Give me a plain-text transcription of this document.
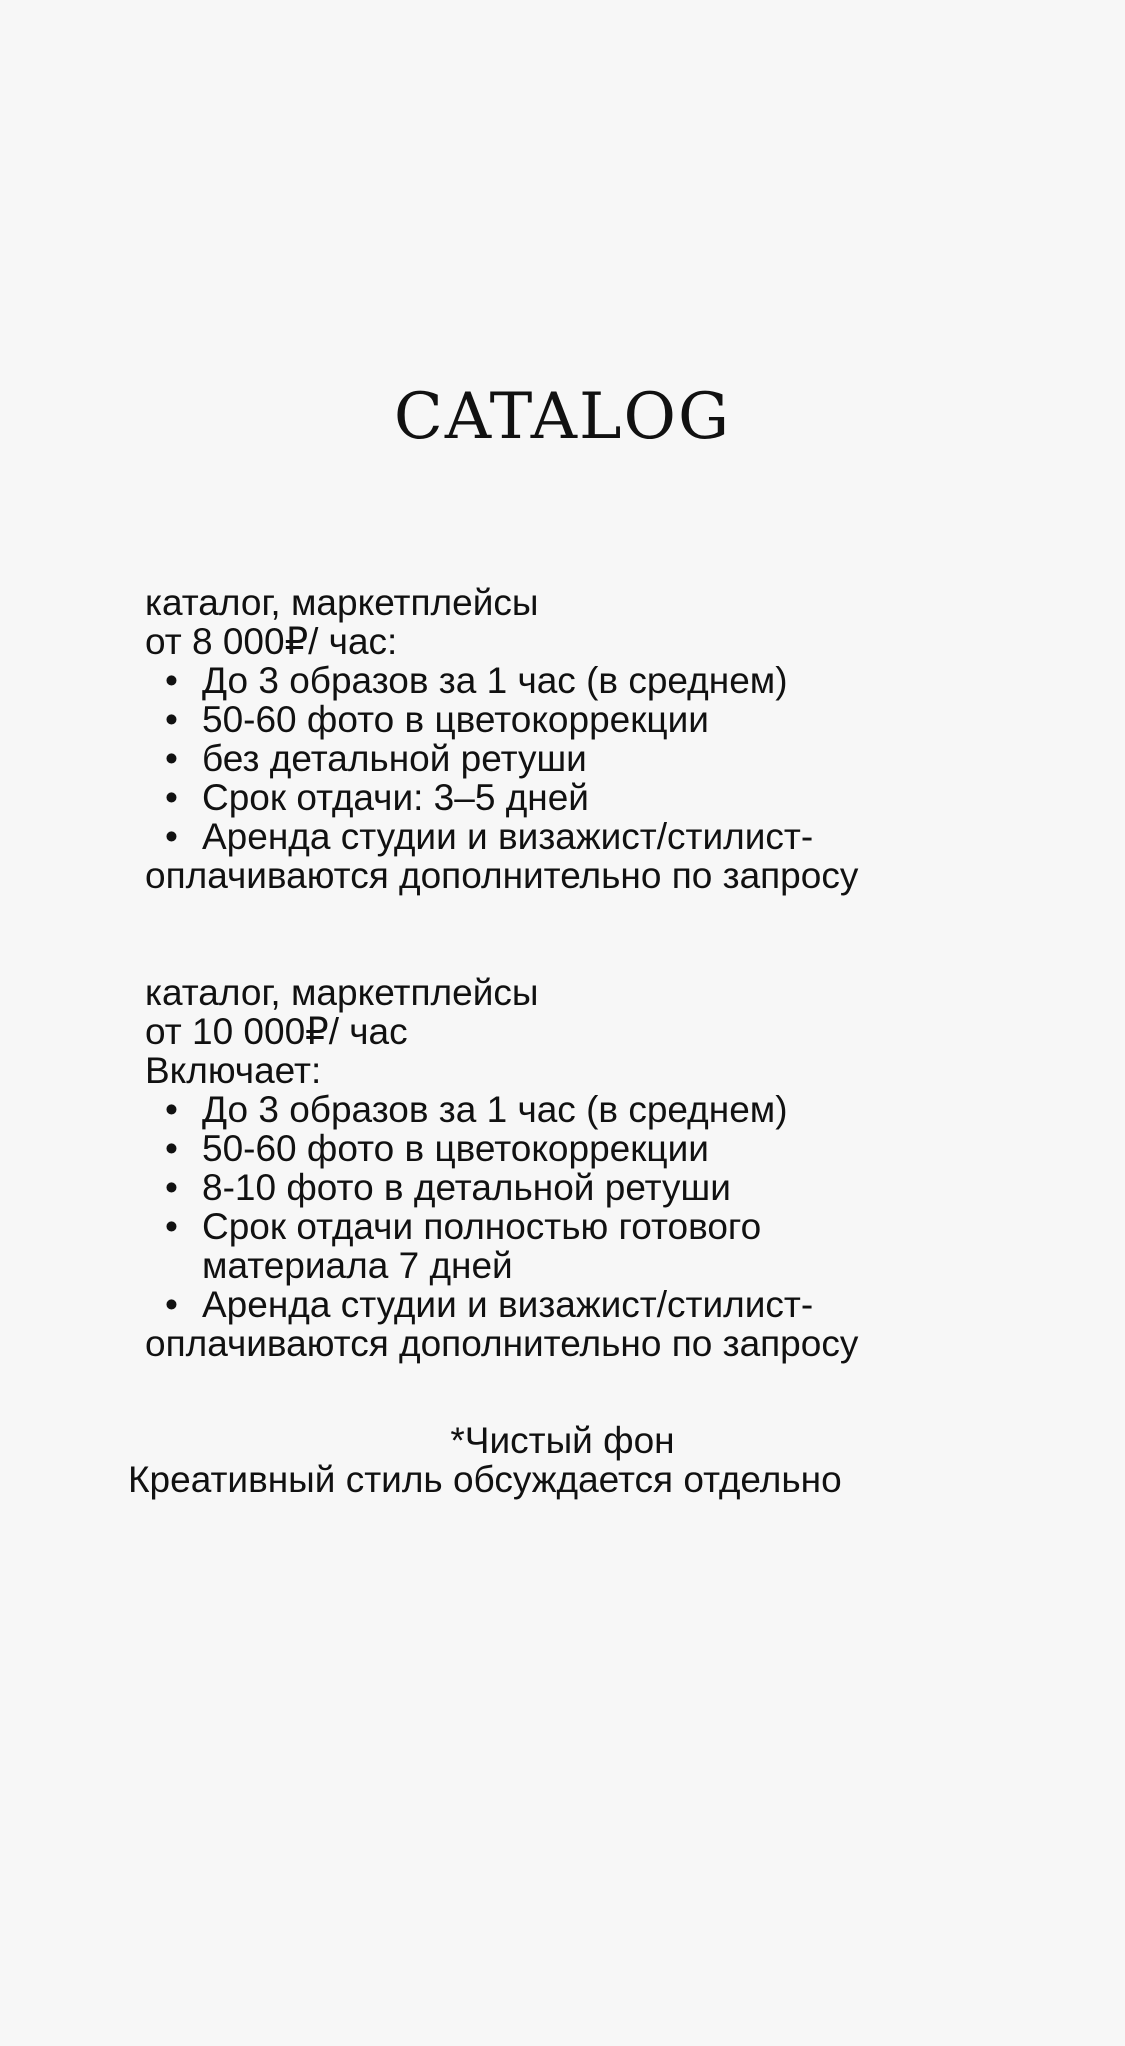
CATALOG
каталог, маркетплейсы
от 8 000₽/ час:
• До 3 образов за 1 час (в среднем)
• 50-60 фото в цветокоррекции
• без детальной ретуши
• Срок отдачи: 3–5 дней
• Аренда студии и визажист/стилист-
оплачиваются дополнительно по запросу
каталог, маркетплейсы
от 10 000₽/ час
Включает:
• До 3 образов за 1 час (в среднем)
• 50-60 фото в цветокоррекции
• 8-10 фото в детальной ретуши
• Срок отдачи полностью готового материала 7 дней
• Аренда студии и визажист/стилист-
оплачиваются дополнительно по запросу
*Чистый фон
Креативный стиль обсуждается отдельно
